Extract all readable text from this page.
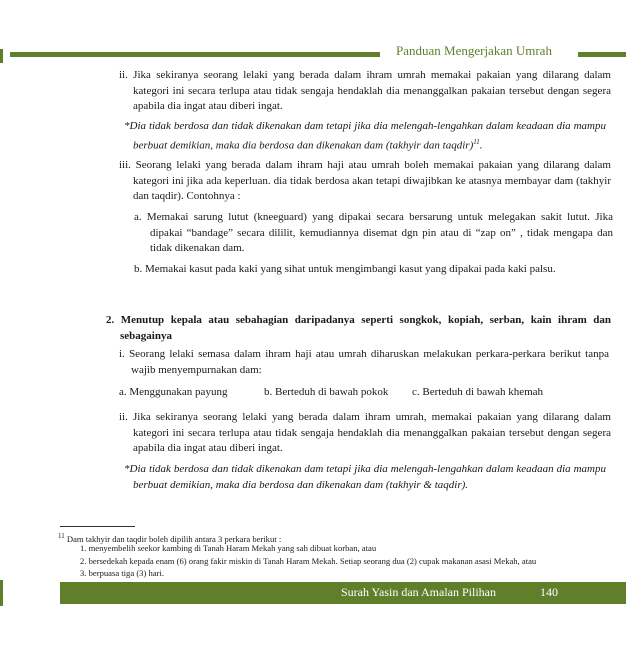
Panduan Mengerjakan Umrah
ii. Jika sekiranya seorang lelaki yang berada dalam ihram umrah memakai pakaian yang dilarang dalam kategori ini secara terlupa atau tidak sengaja hendaklah dia menanggalkan pakaian tersebut dengan segera apabila dia ingat atau diberi ingat.
*Dia tidak berdosa dan tidak dikenakan dam tetapi jika dia melengah-lengahkan dalam keadaan dia mampu berbuat demikian, maka dia berdosa dan dikenakan dam (takhyir dan taqdir)$^{11}$.
iii. Seorang lelaki yang berada dalam ihram haji atau umrah boleh memakai pakaian yang dilarang dalam kategori ini jika ada keperluan. dia tidak berdosa akan tetapi diwajibkan ke atasnya membayar dam (takhyir dan taqdir). Contohnya :
a. Memakai sarung lutut (kneeguard) yang dipakai secara bersarung untuk melegakan sakit lutut. Jika dipakai “bandage” secara dililit, kemudiannya disemat dgn pin atau di “zap on” , tidak mengapa dan tidak dikenakan dam.
b. Memakai kasut pada kaki yang sihat untuk mengimbangi kasut yang dipakai pada kaki palsu.
2. Menutup kepala atau sebahagian daripadanya seperti songkok, kopiah, serban, kain ihram dan sebagainya
i. Seorang lelaki semasa dalam ihram haji atau umrah diharuskan melakukan perkara-perkara berikut tanpa wajib menyempurnakan dam:
a. Menggunakan payung	b. Berteduh di bawah pokok	c. Berteduh di bawah khemah
ii. Jika sekiranya seorang lelaki yang berada dalam ihram umrah, memakai pakaian yang dilarang dalam kategori ini secara terlupa atau tidak sengaja hendaklah dia menanggalkan pakaian tersebut dengan segera apabila dia ingat atau diberi ingat.
*Dia tidak berdosa dan tidak dikenakan dam tetapi jika dia melengah-lengahkan dalam keadaan dia mampu berbuat demikian, maka dia berdosa dan dikenakan dam (takhyir & taqdir).
$^{11}$ Dam takhyir dan taqdir boleh dipilih antara 3 perkara berikut :
1. menyembelih seekor kambing di Tanah Haram Mekah yang sah dibuat korban, atau
2. bersedekah kepada enam (6) orang fakir miskin di Tanah Haram Mekah. Setiap seorang dua (2) cupak makanan asasi Mekah, atau
3. berpuasa tiga (3) hari.
Surah Yasin dan Amalan Pilihan	140
